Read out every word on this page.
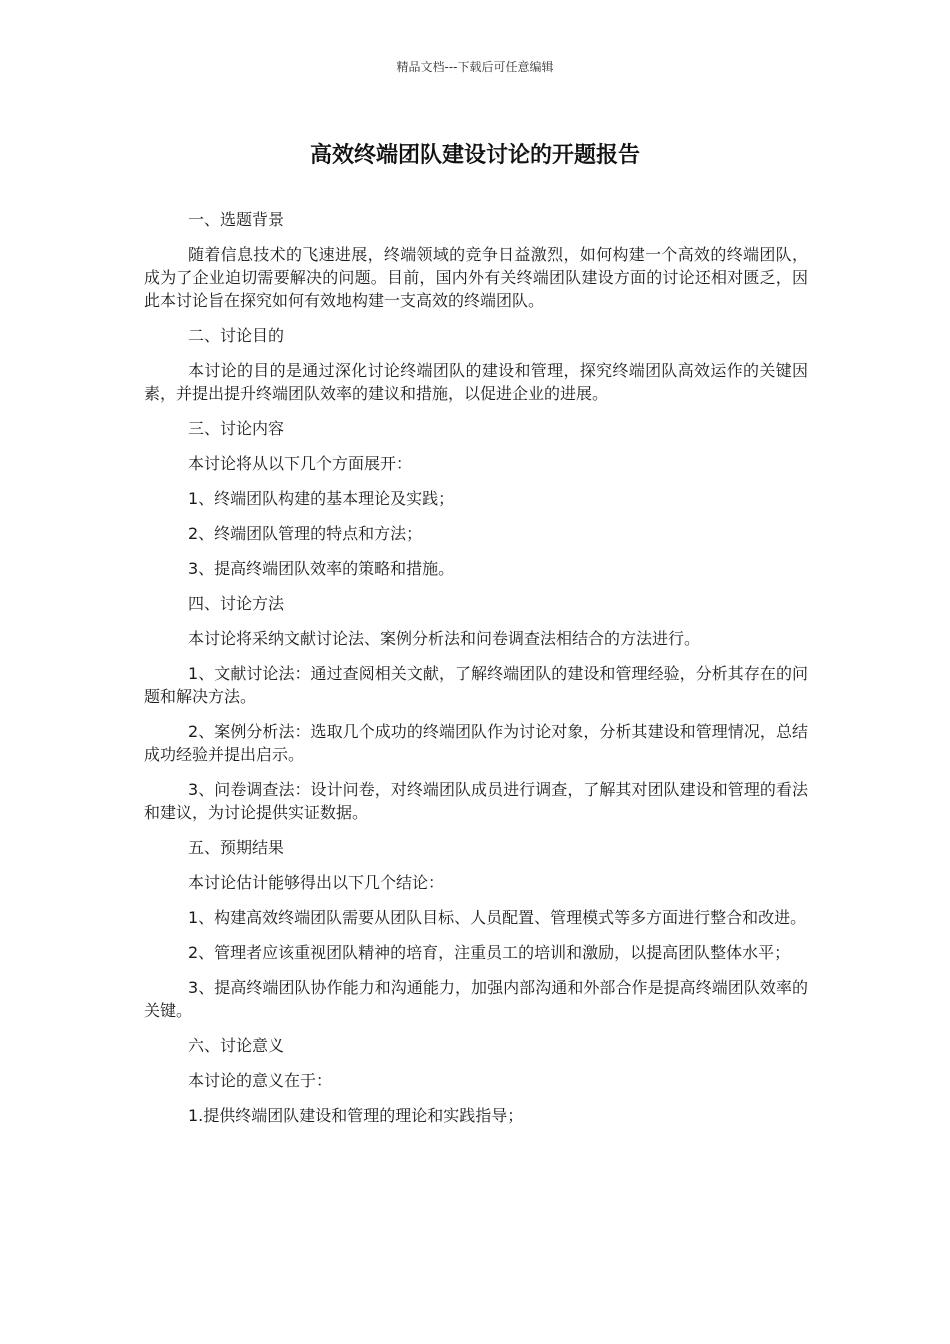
精品文档---下载后可任意编辑
高效终端团队建设讨论的开题报告

一、选题背景

随着信息技术的飞速进展，终端领域的竞争日益激烈，如何构建一个高效的终端团队，成为了企业迫切需要解决的问题。目前，国内外有关终端团队建设方面的讨论还相对匮乏，因此本讨论旨在探究如何有效地构建一支高效的终端团队。

二、讨论目的

本讨论的目的是通过深化讨论终端团队的建设和管理，探究终端团队高效运作的关键因素，并提出提升终端团队效率的建议和措施，以促进企业的进展。

三、讨论内容

本讨论将从以下几个方面展开：

1、终端团队构建的基本理论及实践；

2、终端团队管理的特点和方法；

3、提高终端团队效率的策略和措施。

四、讨论方法

本讨论将采纳文献讨论法、案例分析法和问卷调查法相结合的方法进行。

1、文献讨论法：通过查阅相关文献，了解终端团队的建设和管理经验，分析其存在的问题和解决方法。

2、案例分析法：选取几个成功的终端团队作为讨论对象，分析其建设和管理情况，总结成功经验并提出启示。

3、问卷调查法：设计问卷，对终端团队成员进行调查，了解其对团队建设和管理的看法和建议，为讨论提供实证数据。

五、预期结果

本讨论估计能够得出以下几个结论：

1、构建高效终端团队需要从团队目标、人员配置、管理模式等多方面进行整合和改进。

2、管理者应该重视团队精神的培育，注重员工的培训和激励，以提高团队整体水平；

3、提高终端团队协作能力和沟通能力，加强内部沟通和外部合作是提高终端团队效率的关键。

六、讨论意义

本讨论的意义在于：

1.提供终端团队建设和管理的理论和实践指导；
